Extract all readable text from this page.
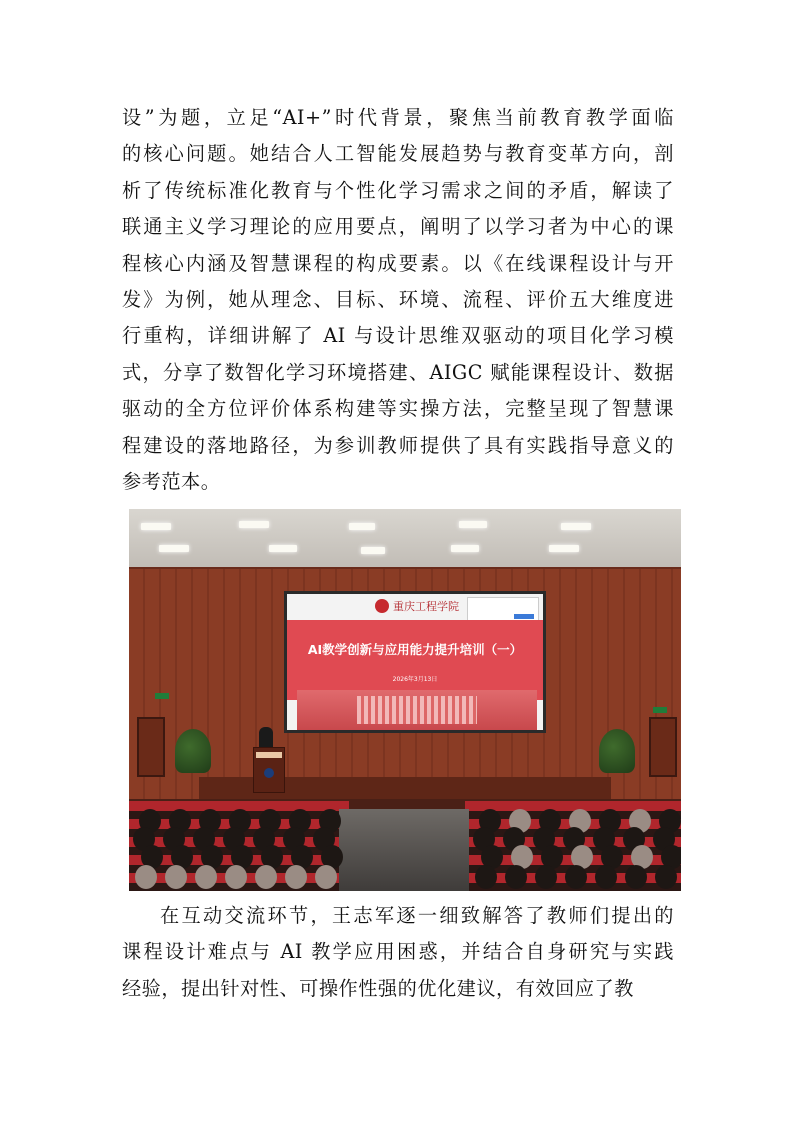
设”为题，立足“AI+”时代背景，聚焦当前教育教学面临
的核心问题。她结合人工智能发展趋势与教育变革方向，剖
析了传统标准化教育与个性化学习需求之间的矛盾，解读了
联通主义学习理论的应用要点，阐明了以学习者为中心的课
程核心内涵及智慧课程的构成要素。以《在线课程设计与开
发》为例，她从理念、目标、环境、流程、评价五大维度进
行重构，详细讲解了 AI 与设计思维双驱动的项目化学习模
式，分享了数智化学习环境搭建、AIGC 赋能课程设计、数据
驱动的全方位评价体系构建等实操方法，完整呈现了智慧课
程建设的落地路径，为参训教师提供了具有实践指导意义的
参考范本。
重庆工程学院
AI教学创新与应用能力提升培训（一）
2026年3月13日
在互动交流环节，王志军逐一细致解答了教师们提出的
课程设计难点与 AI 教学应用困惑，并结合自身研究与实践
经验，提出针对性、可操作性强的优化建议，有效回应了教
